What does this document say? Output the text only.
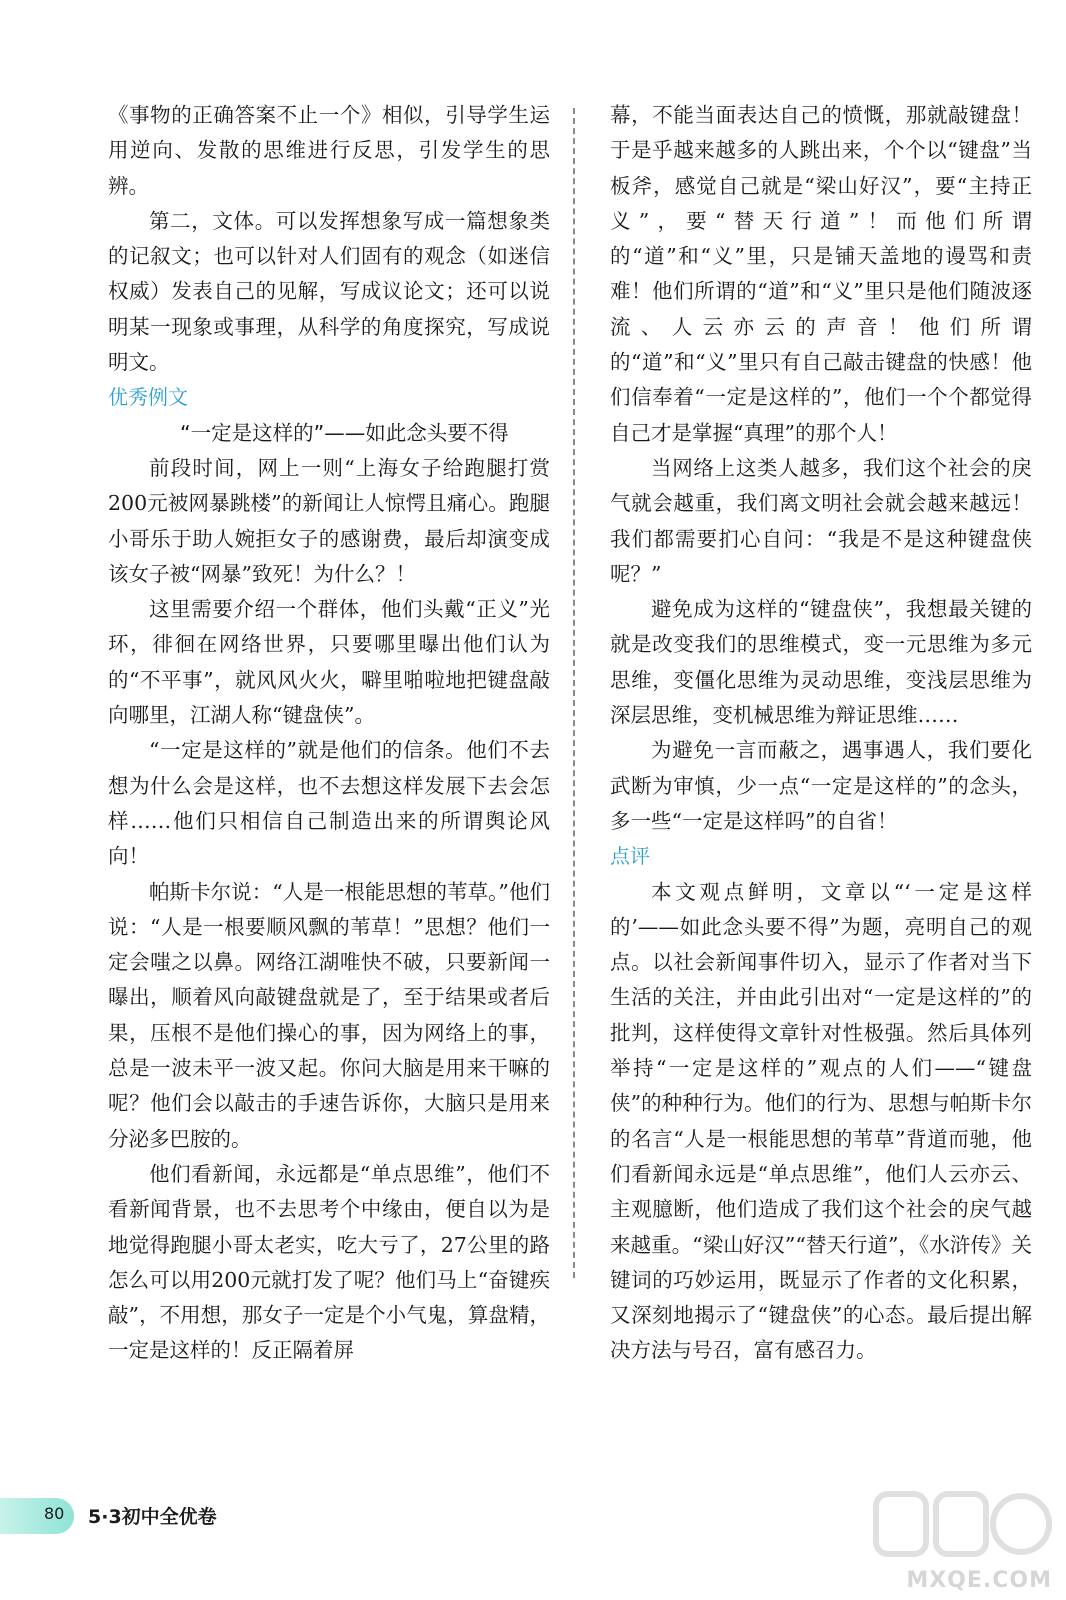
《事物的正确答案不止一个》相似，引导学生运用逆向、发散的思维进行反思，引发学生的思辨。

第二，文体。可以发挥想象写成一篇想象类的记叙文；也可以针对人们固有的观念（如迷信权威）发表自己的见解，写成议论文；还可以说明某一现象或事理，从科学的角度探究，写成说明文。

优秀例文
“一定是这样的”——如此念头要不得

前段时间，网上一则“上海女子给跑腿打赏200元被网暴跳楼”的新闻让人惊愕且痛心。跑腿小哥乐于助人婉拒女子的感谢费，最后却演变成该女子被“网暴”致死！为什么？！

这里需要介绍一个群体，他们头戴“正义”光环，徘徊在网络世界，只要哪里曝出他们认为的“不平事”，就风风火火，噼里啪啦地把键盘敲向哪里，江湖人称“键盘侠”。

“一定是这样的”就是他们的信条。他们不去想为什么会是这样，也不去想这样发展下去会怎样……他们只相信自己制造出来的所谓舆论风向！

帕斯卡尔说：“人是一根能思想的苇草。”他们说：“人是一根要顺风飘的苇草！”思想？他们一定会嗤之以鼻。网络江湖唯快不破，只要新闻一曝出，顺着风向敲键盘就是了，至于结果或者后果，压根不是他们操心的事，因为网络上的事，总是一波未平一波又起。你问大脑是用来干嘛的呢？他们会以敲击的手速告诉你，大脑只是用来分泌多巴胺的。

他们看新闻，永远都是“单点思维”，他们不看新闻背景，也不去思考个中缘由，便自以为是地觉得跑腿小哥太老实，吃大亏了，27公里的路怎么可以用200元就打发了呢？他们马上“奋键疾敲”，不用想，那女子一定是个小气鬼，算盘精，一定是这样的！反正隔着屏

幕，不能当面表达自己的愤慨，那就敲键盘！于是乎越来越多的人跳出来，个个以“键盘”当板斧，感觉自己就是“梁山好汉”，要“主持正义”，要“替天行道”！而他们所谓的“道”和“义”里，只是铺天盖地的谩骂和责难！他们所谓的“道”和“义”里只是他们随波逐流、人云亦云的声音！他们所谓的“道”和“义”里只有自己敲击键盘的快感！他们信奉着“一定是这样的”，他们一个个都觉得自己才是掌握“真理”的那个人！

当网络上这类人越多，我们这个社会的戾气就会越重，我们离文明社会就会越来越远！我们都需要扪心自问：“我是不是这种键盘侠呢？”

避免成为这样的“键盘侠”，我想最关键的就是改变我们的思维模式，变一元思维为多元思维，变僵化思维为灵动思维，变浅层思维为深层思维，变机械思维为辩证思维……

为避免一言而蔽之，遇事遇人，我们要化武断为审慎，少一点“一定是这样的”的念头，多一些“一定是这样吗”的自省！

点评

本文观点鲜明，文章以“‘一定是这样的’——如此念头要不得”为题，亮明自己的观点。以社会新闻事件切入，显示了作者对当下生活的关注，并由此引出对“一定是这样的”的批判，这样使得文章针对性极强。然后具体列举持“一定是这样的”观点的人们——“键盘侠”的种种行为。他们的行为、思想与帕斯卡尔的名言“人是一根能思想的苇草”背道而驰，他们看新闻永远是“单点思维”，他们人云亦云、主观臆断，他们造成了我们这个社会的戾气越来越重。“梁山好汉”“替天行道”，《水浒传》关键词的巧妙运用，既显示了作者的文化积累，又深刻地揭示了“键盘侠”的心态。最后提出解决方法与号召，富有感召力。

80 5·3初中全优卷
MXQE.COM
